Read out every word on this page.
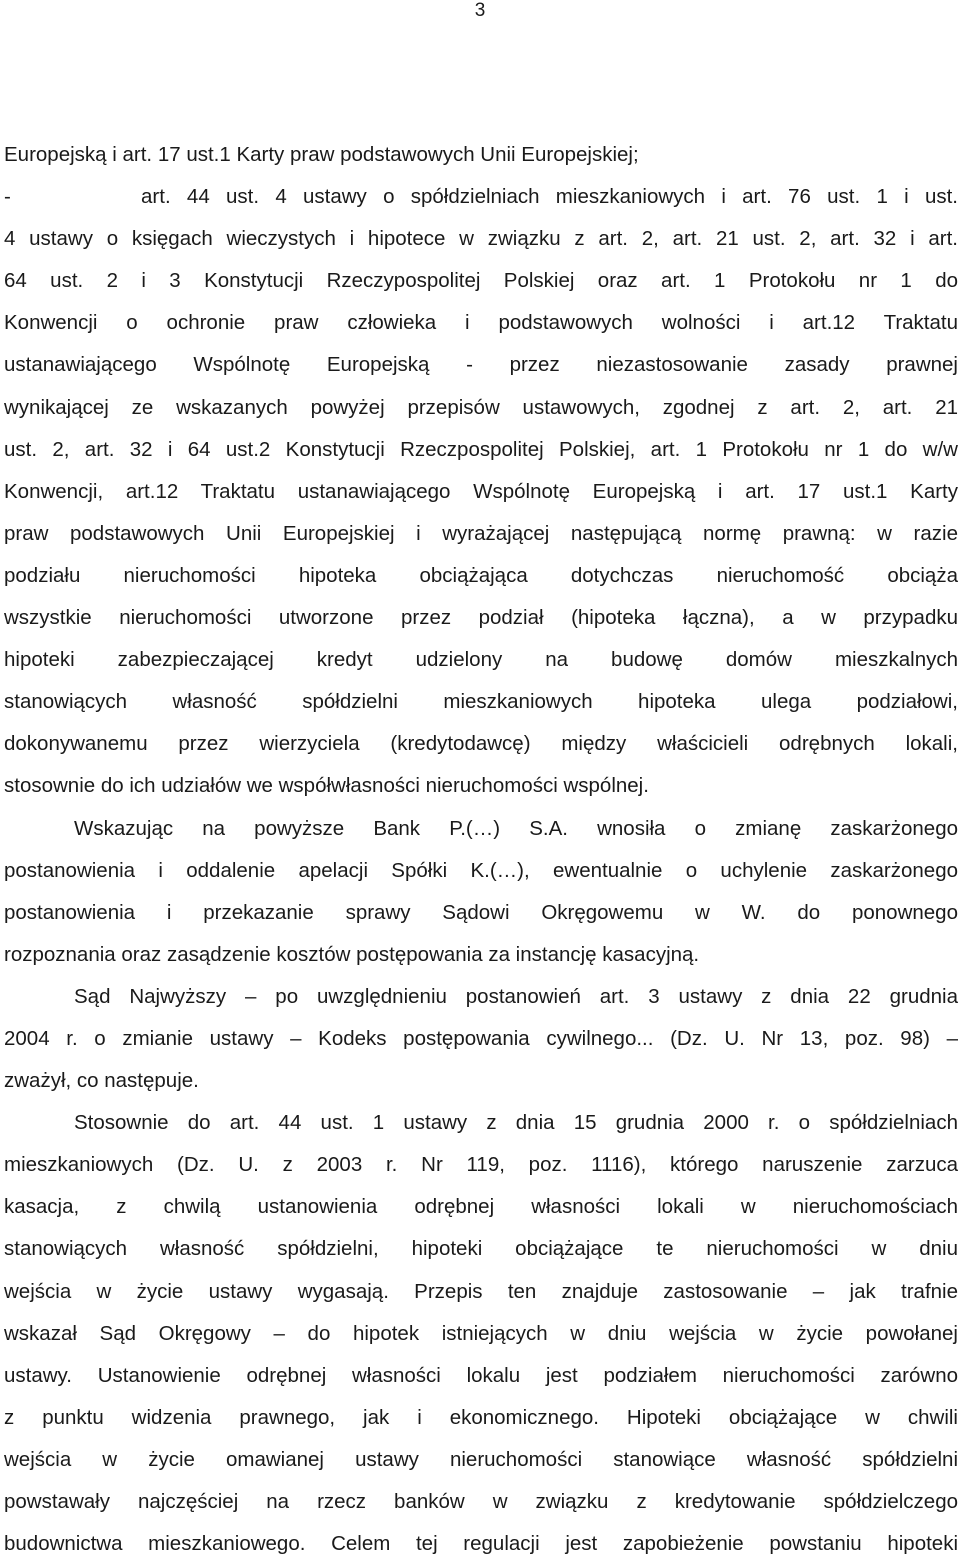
3
Europejską i art. 17 ust.1 Karty praw podstawowych Unii Europejskiej;
-        art. 44 ust. 4 ustawy o spółdzielniach mieszkaniowych i art. 76 ust. 1 i ust.
4 ustawy o księgach wieczystych i hipotece w związku z art. 2, art. 21 ust. 2, art. 32 i art.
64 ust. 2 i 3 Konstytucji Rzeczypospolitej Polskiej oraz art. 1 Protokołu nr 1 do
Konwencji o ochronie praw człowieka i podstawowych wolności i art.12 Traktatu
ustanawiającego Wspólnotę Europejską - przez niezastosowanie zasady prawnej
wynikającej ze wskazanych powyżej przepisów ustawowych, zgodnej z art. 2, art. 21
ust. 2, art. 32 i 64 ust.2 Konstytucji Rzeczpospolitej Polskiej, art. 1 Protokołu nr 1 do w/w
Konwencji, art.12 Traktatu ustanawiającego Wspólnotę Europejską i art. 17 ust.1 Karty
praw podstawowych Unii Europejskiej i wyrażającej następującą normę prawną: w razie
podziału nieruchomości hipoteka obciążająca dotychczas nieruchomość obciąża
wszystkie nieruchomości utworzone przez podział (hipoteka łączna), a w przypadku
hipoteki zabezpieczającej kredyt udzielony na budowę domów mieszkalnych
stanowiących własność spółdzielni mieszkaniowych hipoteka ulega podziałowi,
dokonywanemu przez wierzyciela (kredytodawcę) między właścicieli odrębnych lokali,
stosownie do ich udziałów we współwłasności nieruchomości wspólnej.
Wskazując na powyższe Bank P.(…) S.A. wnosiła o zmianę zaskarżonego
postanowienia i oddalenie apelacji Spółki K.(…), ewentualnie o uchylenie zaskarżonego
postanowienia i przekazanie sprawy Sądowi Okręgowemu w W. do ponownego
rozpoznania oraz zasądzenie kosztów postępowania za instancję kasacyjną.
Sąd Najwyższy – po uwzględnieniu postanowień art. 3 ustawy z dnia 22 grudnia
2004 r. o zmianie ustawy – Kodeks postępowania cywilnego... (Dz. U. Nr 13, poz. 98) –
zważył, co następuje.
Stosownie do art. 44 ust. 1 ustawy z dnia 15 grudnia 2000 r. o spółdzielniach
mieszkaniowych (Dz. U. z 2003 r. Nr 119, poz. 1116), którego naruszenie zarzuca
kasacja, z chwilą ustanowienia odrębnej własności lokali w nieruchomościach
stanowiących własność spółdzielni, hipoteki obciążające te nieruchomości w dniu
wejścia w życie ustawy wygasają. Przepis ten znajduje zastosowanie – jak trafnie
wskazał Sąd Okręgowy – do hipotek istniejących w dniu wejścia w życie powołanej
ustawy. Ustanowienie odrębnej własności lokalu jest podziałem nieruchomości zarówno
z punktu widzenia prawnego, jak i ekonomicznego. Hipoteki obciążające w chwili
wejścia w życie omawianej ustawy nieruchomości stanowiące własność spółdzielni
powstawały najczęściej na rzecz banków w związku z kredytowanie spółdzielczego
budownictwa mieszkaniowego. Celem tej regulacji jest zapobieżenie powstaniu hipoteki
